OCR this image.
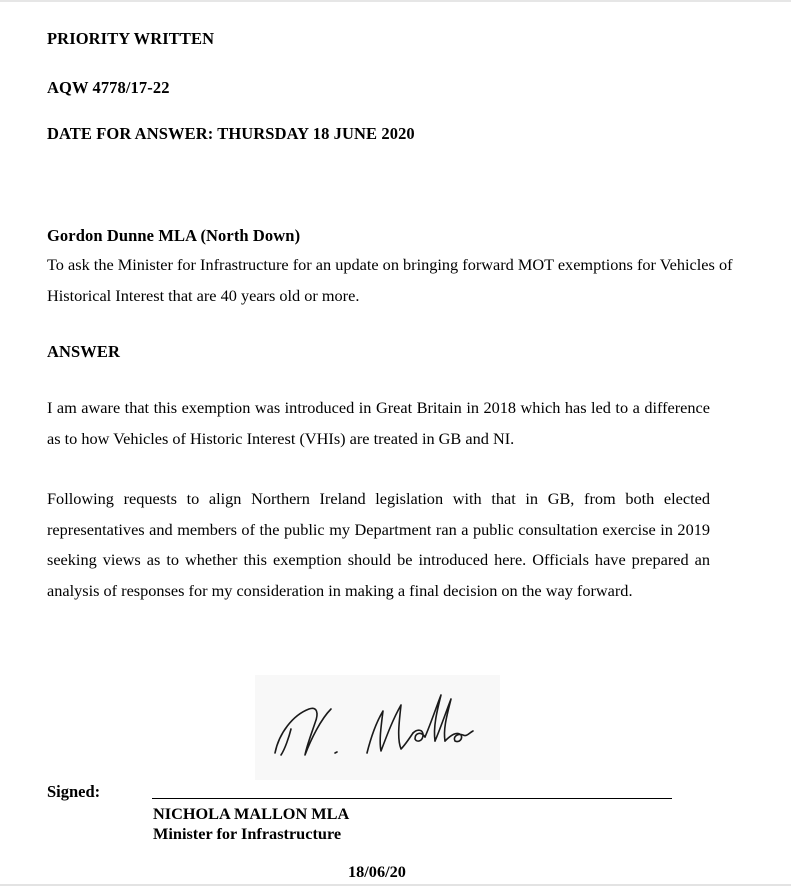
PRIORITY WRITTEN
AQW 4778/17-22
DATE FOR ANSWER: THURSDAY 18 JUNE 2020
Gordon Dunne MLA (North Down)
To ask the Minister for Infrastructure for an update on bringing forward MOT exemptions for Vehicles of Historical Interest that are 40 years old or more.
ANSWER
I am aware that this exemption was introduced in Great Britain in 2018 which has led to a difference as to how Vehicles of Historic Interest (VHIs) are treated in GB and NI.
Following requests to align Northern Ireland legislation with that in GB, from both elected representatives and members of the public my Department ran a public consultation exercise in 2019 seeking views as to whether this exemption should be introduced here. Officials have prepared an analysis of responses for my consideration in making a final decision on the way forward.
Signed:
NICHOLA MALLON MLA
Minister for Infrastructure
18/06/20
